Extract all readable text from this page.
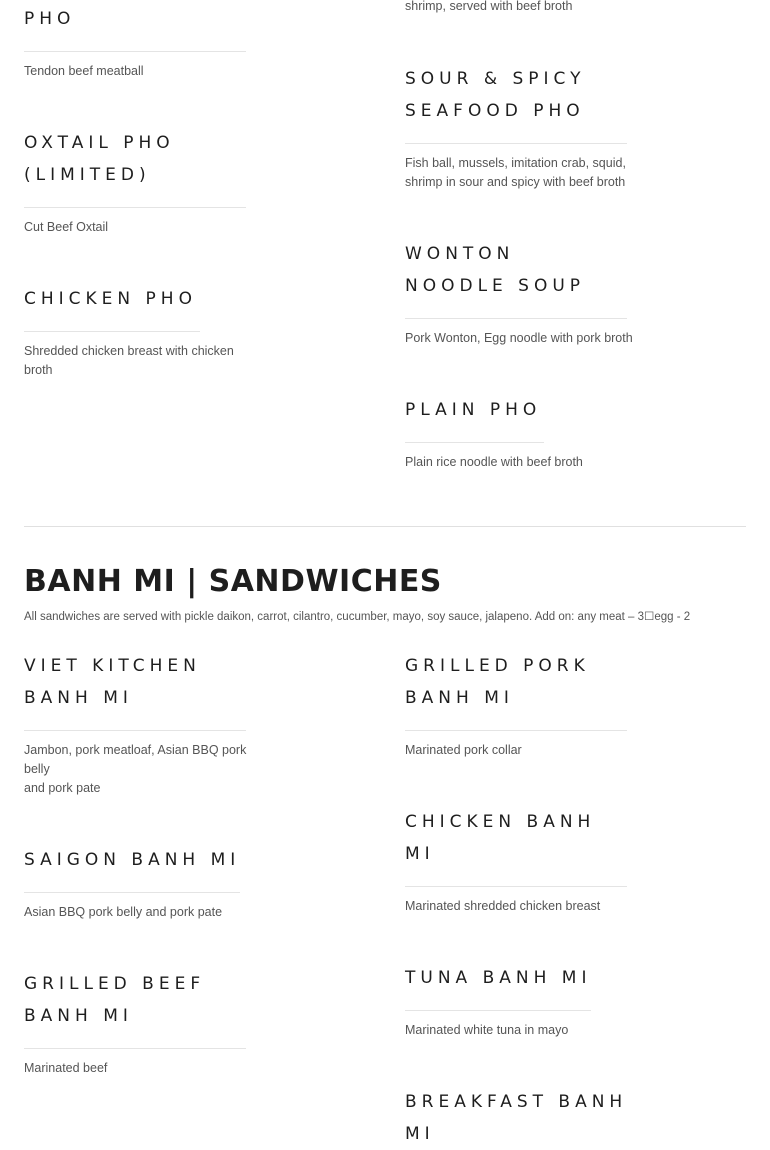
PHO

Tendon beef meatball

OXTAIL PHO
(LIMITED)

Cut Beef Oxtail

CHICKEN PHO

Shredded chicken breast with chicken
broth

shrimp, served with beef broth

SOUR & SPICY
SEAFOOD PHO

Fish ball, mussels, imitation crab, squid,
shrimp in sour and spicy with beef broth

WONTON
NOODLE SOUP

Pork Wonton, Egg noodle with pork broth

PLAIN PHO

Plain rice noodle with beef broth

BANH MI | SANDWICHES
All sandwiches are served with pickle daikon, carrot, cilantro, cucumber, mayo, soy sauce, jalapeno. Add on: any meat – 3☐egg - 2

VIET KITCHEN
BANH MI

Jambon, pork meatloaf, Asian BBQ pork
belly
and pork pate

SAIGON BANH MI

Asian BBQ pork belly and pork pate

GRILLED BEEF
BANH MI

Marinated beef

GRILLED PORK
BANH MI

Marinated pork collar

CHICKEN BANH
MI

Marinated shredded chicken breast

TUNA BANH MI

Marinated white tuna in mayo

BREAKFAST BANH
MI
